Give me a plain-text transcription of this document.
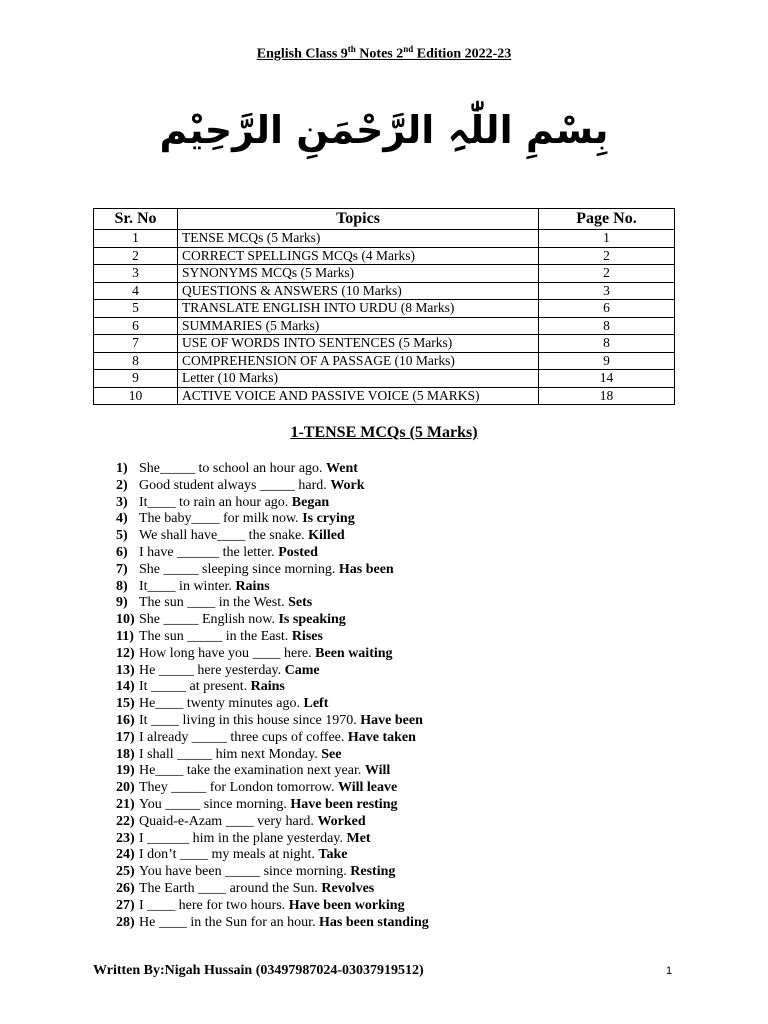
English Class 9th Notes 2nd Edition 2022-23
بِسْمِ اللّٰہِ الرَّحْمَنِ الرَّحِیْم
Sr. No	Topics	Page No.
1	TENSE MCQs (5 Marks)	1
2	CORRECT SPELLINGS MCQs (4 Marks)	2
3	SYNONYMS MCQs (5 Marks)	2
4	QUESTIONS & ANSWERS (10 Marks)	3
5	TRANSLATE ENGLISH INTO URDU (8 Marks)	6
6	SUMMARIES (5 Marks)	8
7	USE OF WORDS INTO SENTENCES (5 Marks)	8
8	COMPREHENSION OF A PASSAGE (10 Marks)	9
9	Letter (10 Marks)	14
10	ACTIVE VOICE AND PASSIVE VOICE (5 MARKS)	18
1-TENSE MCQs (5 Marks)
1) She_____ to school an hour ago. Went
2) Good student always _____ hard. Work
3) It____ to rain an hour ago. Began
4) The baby____ for milk now. Is crying
5) We shall have____ the snake. Killed
6) I have ______ the letter. Posted
7) She _____ sleeping since morning. Has been
8) It____ in winter. Rains
9) The sun ____ in the West. Sets
10) She _____ English now. Is speaking
11) The sun _____ in the East. Rises
12) How long have you ____ here. Been waiting
13) He _____ here yesterday. Came
14) It _____ at present. Rains
15) He____ twenty minutes ago. Left
16) It ____ living in this house since 1970. Have been
17) I already _____ three cups of coffee. Have taken
18) I shall _____ him next Monday. See
19) He____ take the examination next year. Will
20) They _____ for London tomorrow. Will leave
21) You _____ since morning. Have been resting
22) Quaid-e-Azam ____ very hard. Worked
23) I ______ him in the plane yesterday. Met
24) I don’t ____ my meals at night. Take
25) You have been _____ since morning. Resting
26) The Earth ____ around the Sun. Revolves
27) I ____ here for two hours. Have been working
28) He ____ in the Sun for an hour. Has been standing
Written By:Nigah Hussain (03497987024-03037919512)	1
